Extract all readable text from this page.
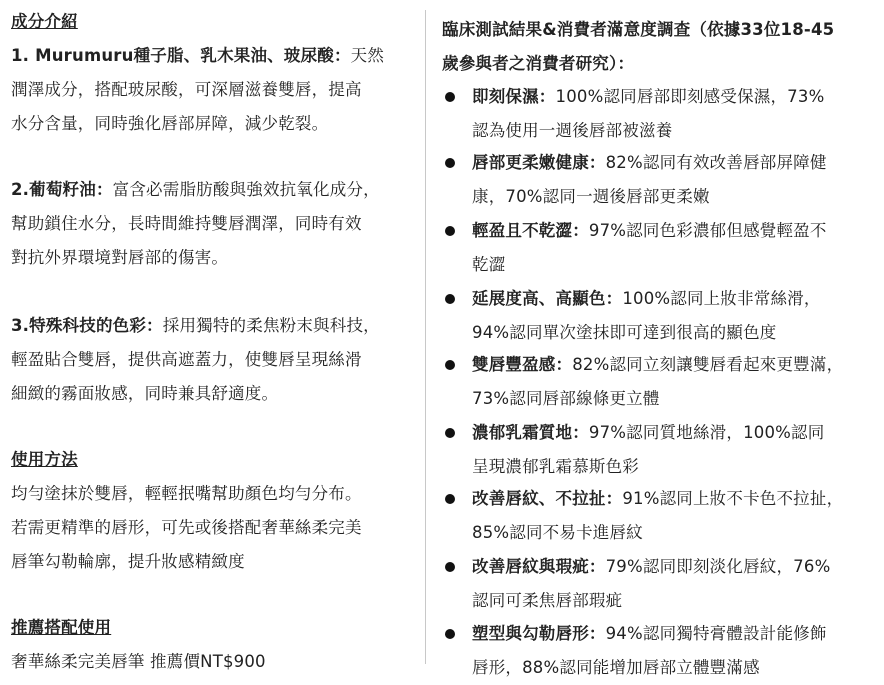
成分介紹
1. Murumuru種子脂、乳木果油、玻尿酸：天然
潤澤成分，搭配玻尿酸，可深層滋養雙唇，提高
水分含量，同時強化唇部屏障，減少乾裂。
2.葡萄籽油：富含必需脂肪酸與強效抗氧化成分，
幫助鎖住水分，長時間維持雙唇潤澤，同時有效
對抗外界環境對唇部的傷害。
3.特殊科技的色彩：採用獨特的柔焦粉末與科技，
輕盈貼合雙唇，提供高遮蓋力，使雙唇呈現絲滑
細緻的霧面妝感，同時兼具舒適度。
使用方法
均勻塗抹於雙唇，輕輕抿嘴幫助顏色均勻分布。
若需更精準的唇形，可先或後搭配奢華絲柔完美
唇筆勾勒輪廓，提升妝感精緻度
推薦搭配使用
奢華絲柔完美唇筆 推薦價NT$900
臨床測試結果&消費者滿意度調查（依據33位18-45
歲參與者之消費者研究）：
即刻保濕：100%認同唇部即刻感受保濕，73%
認為使用一週後唇部被滋養
唇部更柔嫩健康：82%認同有效改善唇部屏障健
康，70%認同一週後唇部更柔嫩
輕盈且不乾澀：97%認同色彩濃郁但感覺輕盈不
乾澀
延展度高、高顯色：100%認同上妝非常絲滑，
94%認同單次塗抹即可達到很高的顯色度
雙唇豐盈感：82%認同立刻讓雙唇看起來更豐滿，
73%認同唇部線條更立體
濃郁乳霜質地：97%認同質地絲滑，100%認同
呈現濃郁乳霜慕斯色彩
改善唇紋、不拉扯：91%認同上妝不卡色不拉扯，
85%認同不易卡進唇紋
改善唇紋與瑕疵：79%認同即刻淡化唇紋，76%
認同可柔焦唇部瑕疵
塑型與勾勒唇形：94%認同獨特膏體設計能修飾
唇形，88%認同能增加唇部立體豐滿感
